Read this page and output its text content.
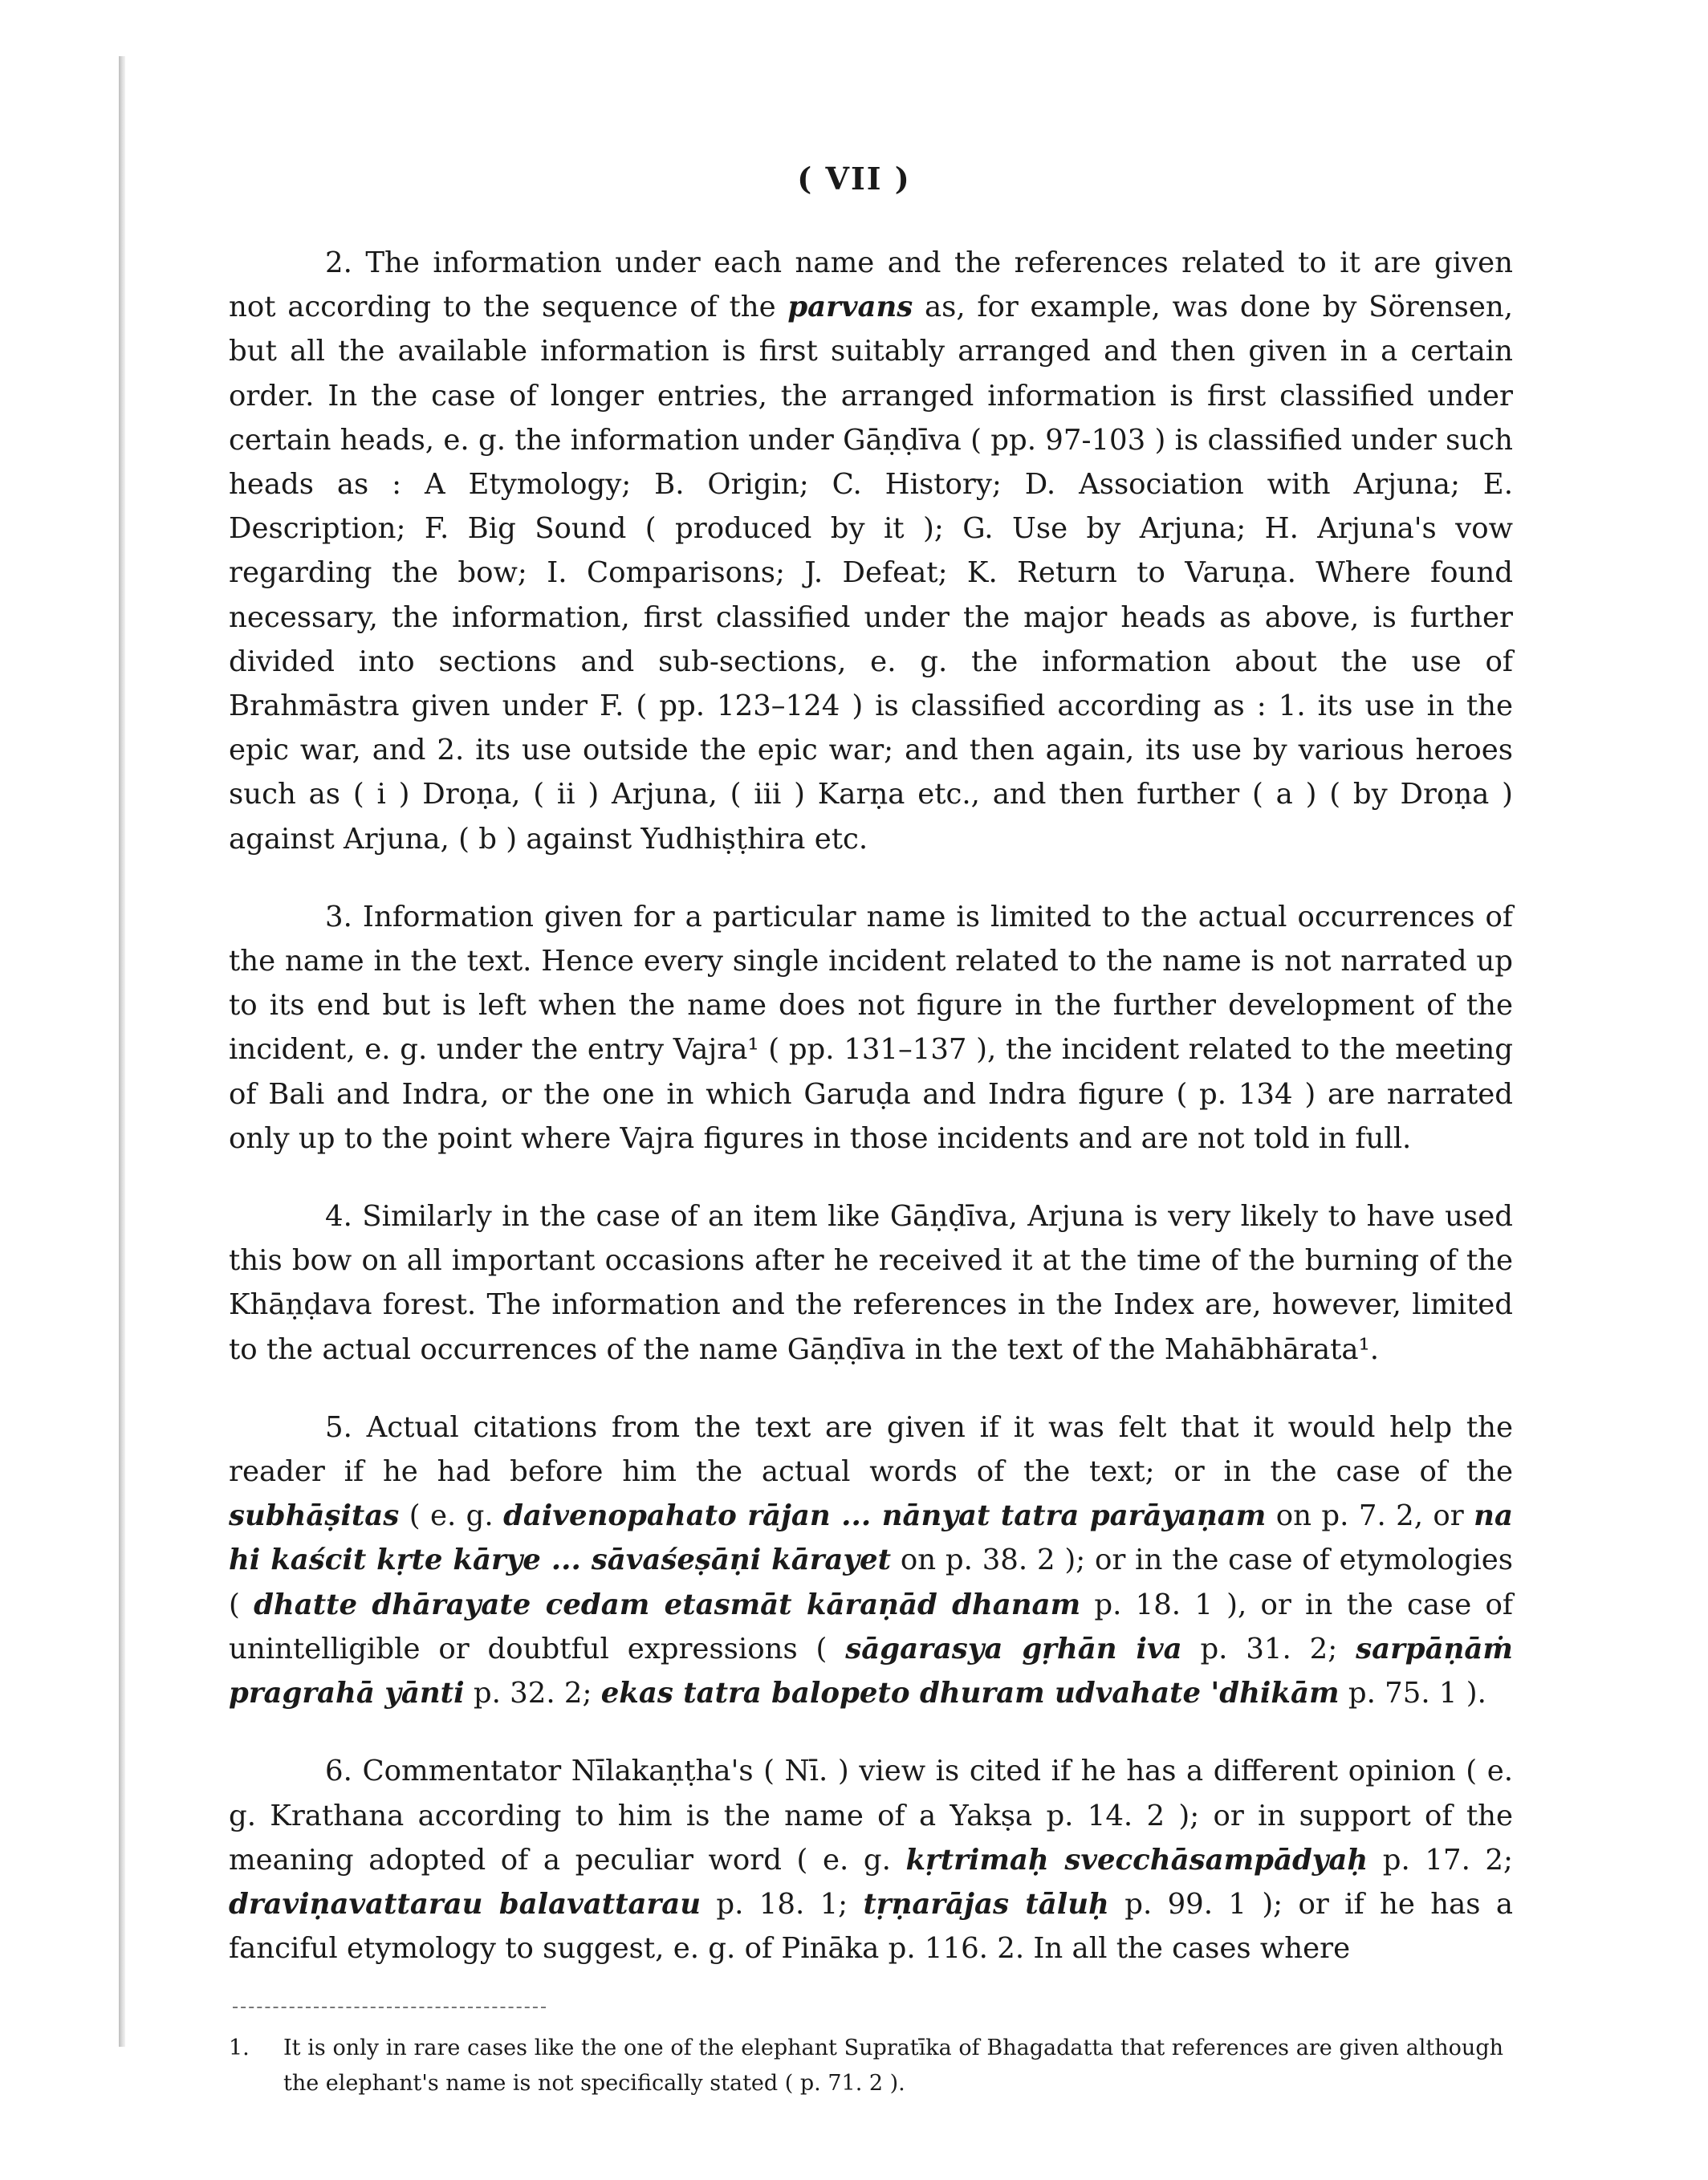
( VII )

2. The information under each name and the references related to it are given not according to the sequence of the parvans as, for example, was done by Sörensen, but all the available information is first suitably arranged and then given in a certain order. In the case of longer entries, the arranged information is first classified under certain heads, e. g. the information under Gāṇḍīva ( pp. 97-103 ) is classified under such heads as : A Etymology; B. Origin; C. History; D. Association with Arjuna; E. Description; F. Big Sound ( produced by it ); G. Use by Arjuna; H. Arjuna's vow regarding the bow; I. Comparisons; J. Defeat; K. Return to Varuṇa. Where found necessary, the information, first classified under the major heads as above, is further divided into sections and sub-sections, e. g. the information about the use of Brahmāstra given under F. ( pp. 123–124 ) is classified according as : 1. its use in the epic war, and 2. its use outside the epic war; and then again, its use by various heroes such as ( i ) Droṇa, ( ii ) Arjuna, ( iii ) Karṇa etc., and then further ( a ) ( by Droṇa ) against Arjuna, ( b ) against Yudhiṣṭhira etc.

3. Information given for a particular name is limited to the actual occurrences of the name in the text. Hence every single incident related to the name is not narrated up to its end but is left when the name does not figure in the further development of the incident, e. g. under the entry Vajra¹ ( pp. 131–137 ), the incident related to the meeting of Bali and Indra, or the one in which Garuḍa and Indra figure ( p. 134 ) are narrated only up to the point where Vajra figures in those incidents and are not told in full.

4. Similarly in the case of an item like Gāṇḍīva, Arjuna is very likely to have used this bow on all important occasions after he received it at the time of the burning of the Khāṇḍava forest. The information and the references in the Index are, however, limited to the actual occurrences of the name Gāṇḍīva in the text of the Mahābhārata¹.

5. Actual citations from the text are given if it was felt that it would help the reader if he had before him the actual words of the text; or in the case of the subhāṣitas ( e. g. daivenopahato rājan ... nānyat tatra parāyaṇam on p. 7. 2, or na hi kaścit kṛte kārye ... sāvaśeṣāṇi kārayet on p. 38. 2 ); or in the case of etymologies ( dhatte dhārayate cedam etasmāt kāraṇād dhanam p. 18. 1 ), or in the case of unintelligible or doubtful expressions ( sāgarasya gṛhān iva p. 31. 2; sarpāṇāṁ pragrahā yānti p. 32. 2; ekas tatra balopeto dhuram udvahate 'dhikām p. 75. 1 ).

6. Commentator Nīlakaṇṭha's ( Nī. ) view is cited if he has a different opinion ( e. g. Krathana according to him is the name of a Yakṣa p. 14. 2 ); or in support of the meaning adopted of a peculiar word ( e. g. kṛtrimaḥ svecchāsampādyaḥ p. 17. 2; draviṇavattarau balavattarau p. 18. 1; tṛṇarājas tāluḥ p. 99. 1 ); or if he has a fanciful etymology to suggest, e. g. of Pināka p. 116. 2. In all the cases where

1. It is only in rare cases like the one of the elephant Supratīka of Bhagadatta that references are given although the elephant's name is not specifically stated ( p. 71. 2 ).
